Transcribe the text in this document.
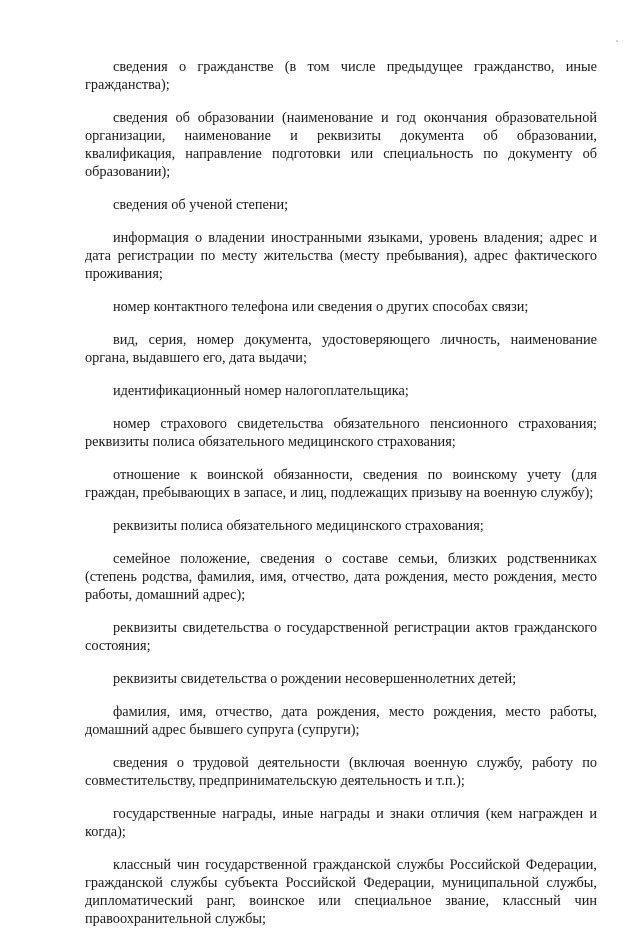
сведения о гражданстве (в том числе предыдущее гражданство, иные гражданства);

сведения об образовании (наименование и год окончания образовательной организации, наименование и реквизиты документа об образовании, квалификация, направление подготовки или специальность по документу об образовании);

сведения об ученой степени;

информация о владении иностранными языками, уровень владения; адрес и дата регистрации по месту жительства (месту пребывания), адрес фактического проживания;

номер контактного телефона или сведения о других способах связи;

вид, серия, номер документа, удостоверяющего личность, наименование органа, выдавшего его, дата выдачи;

идентификационный номер налогоплательщика;

номер страхового свидетельства обязательного пенсионного страхования; реквизиты полиса обязательного медицинского страхования;

отношение к воинской обязанности, сведения по воинскому учету (для граждан, пребывающих в запасе, и лиц, подлежащих призыву на военную службу);

реквизиты полиса обязательного медицинского страхования;

семейное положение, сведения о составе семьи, близких родственниках (степень родства, фамилия, имя, отчество, дата рождения, место рождения, место работы, домашний адрес);

реквизиты свидетельства о государственной регистрации актов гражданского состояния;

реквизиты свидетельства о рождении несовершеннолетних детей;

фамилия, имя, отчество, дата рождения, место рождения, место работы, домашний адрес бывшего супруга (супруги);

сведения о трудовой деятельности (включая военную службу, работу по совместительству, предпринимательскую деятельность и т.п.);

государственные награды, иные награды и знаки отличия (кем награжден и когда);

классный чин государственной гражданской службы Российской Федерации, гражданской службы субъекта Российской Федерации, муниципальной службы, дипломатический ранг, воинское или специальное звание, классный чин правоохранительной службы;
